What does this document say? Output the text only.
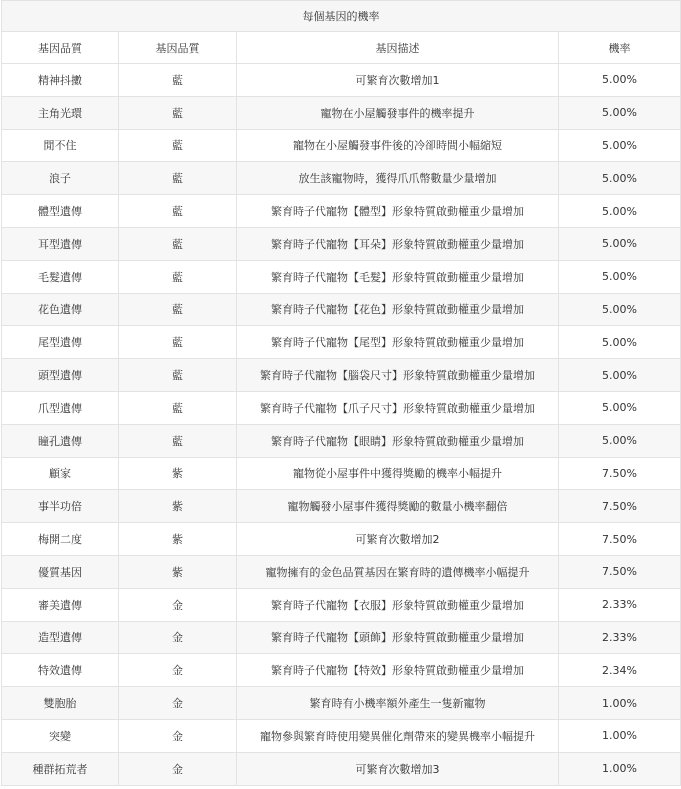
每個基因的機率			
基因品質	基因品質	基因描述	機率
精神抖擻	藍	可繁育次數增加1	5.00%
主角光環	藍	寵物在小屋觸發事件的機率提升	5.00%
閒不住	藍	寵物在小屋觸發事件後的冷卻時間小幅縮短	5.00%
浪子	藍	放生該寵物時，獲得爪爪幣數量少量增加	5.00%
體型遺傳	藍	繁育時子代寵物【體型】形象特質啟動權重少量增加	5.00%
耳型遺傳	藍	繁育時子代寵物【耳朵】形象特質啟動權重少量增加	5.00%
毛髮遺傳	藍	繁育時子代寵物【毛髮】形象特質啟動權重少量增加	5.00%
花色遺傳	藍	繁育時子代寵物【花色】形象特質啟動權重少量增加	5.00%
尾型遺傳	藍	繁育時子代寵物【尾型】形象特質啟動權重少量增加	5.00%
頭型遺傳	藍	繁育時子代寵物【腦袋尺寸】形象特質啟動權重少量增加	5.00%
爪型遺傳	藍	繁育時子代寵物【爪子尺寸】形象特質啟動權重少量增加	5.00%
瞳孔遺傳	藍	繁育時子代寵物【眼睛】形象特質啟動權重少量增加	5.00%
顧家	紫	寵物從小屋事件中獲得獎勵的機率小幅提升	7.50%
事半功倍	紫	寵物觸發小屋事件獲得獎勵的數量小機率翻倍	7.50%
梅開二度	紫	可繁育次數增加2	7.50%
優質基因	紫	寵物擁有的金色品質基因在繁育時的遺傳機率小幅提升	7.50%
審美遺傳	金	繁育時子代寵物【衣服】形象特質啟動權重少量增加	2.33%
造型遺傳	金	繁育時子代寵物【頭飾】形象特質啟動權重少量增加	2.33%
特效遺傳	金	繁育時子代寵物【特效】形象特質啟動權重少量增加	2.34%
雙胞胎	金	繁育時有小機率額外產生一隻新寵物	1.00%
突變	金	寵物參與繁育時使用變異催化劑帶來的變異機率小幅提升	1.00%
種群拓荒者	金	可繁育次數增加3	1.00%
